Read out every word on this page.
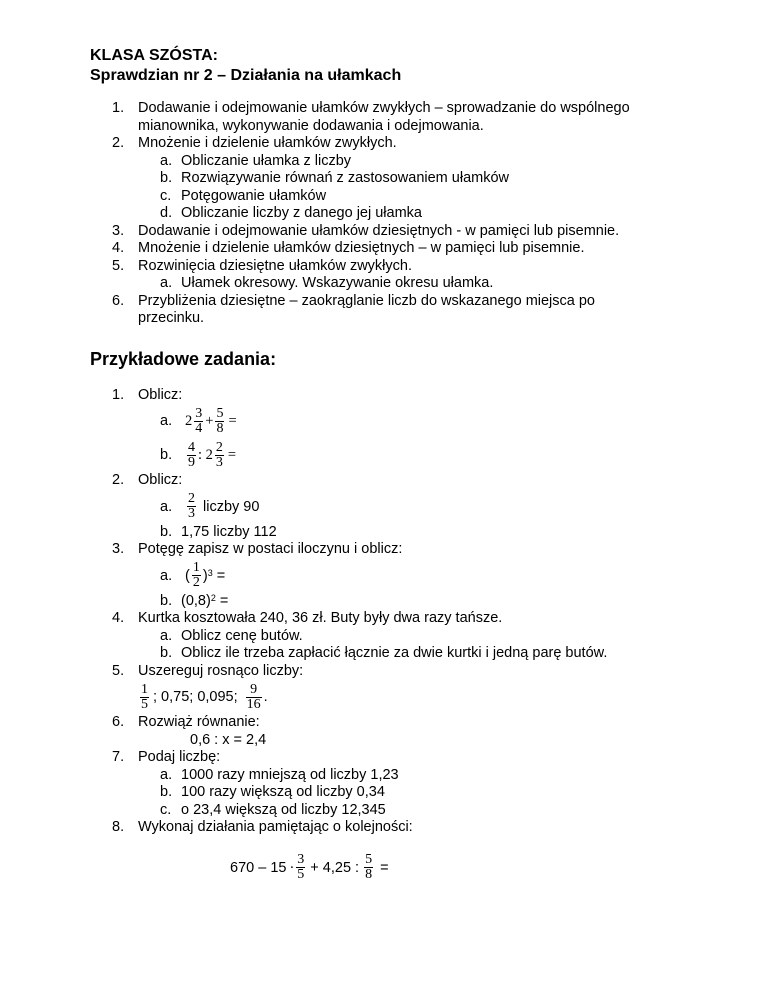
KLASA SZÓSTA:

Sprawdzian nr 2 – Działania na ułamkach

1. Dodawanie i odejmowanie ułamków zwykłych – sprowadzanie do wspólnego
mianownika, wykonywanie dodawania i odejmowania.
2. Mnożenie i dzielenie ułamków zwykłych.
a. Obliczanie ułamka z liczby
b. Rozwiązywanie równań z zastosowaniem ułamków
c. Potęgowanie ułamków
d. Obliczanie liczby z danego jej ułamka
3. Dodawanie i odejmowanie ułamków dziesiętnych - w pamięci lub pisemnie.
4. Mnożenie i dzielenie ułamków dziesiętnych – w pamięci lub pisemnie.
5. Rozwinięcia dziesiętne ułamków zwykłych.
a. Ułamek okresowy. Wskazywanie okresu ułamka.
6. Przybliżenia dziesiętne – zaokrąglanie liczb do wskazanego miejsca po
przecinku.

Przykładowe zadania:

1. Oblicz:
a. $2 \frac{3}{4} + \frac{5}{8}$ =
b. $\frac{4}{9}$ : $2 \frac{2}{3}$ =
2. Oblicz:
a. $\frac{2}{3}$ liczby 90
b. 1,75 liczby 112
3. Potęgę zapisz w postaci iloczynu i oblicz:
a. ( $\frac{1}{2} )^3$ =
b. $(0,8)^2$ =
4. Kurtka kosztowała 240, 36 zł. Buty były dwa razy tańsze.
a. Oblicz cenę butów.
b. Oblicz ile trzeba zapłacić łącznie za dwie kurtki i jedną parę butów.
5. Uszereguj rosnąco liczby:
$\frac{1}{5}$ ; 0,75; 0,095; $\frac{9}{16}$ .
6. Rozwiąż równanie:
0,6 : x = 2,4
7. Podaj liczbę:
a. 1000 razy mniejszą od liczby 1,23
b. 100 razy większą od liczby 0,34
c. o 23,4 większą od liczby 12,345
8. Wykonaj działania pamiętając o kolejności:
$670 - 15 \cdot \frac{3}{5} + 4,25$ : $\frac{5}{8}$ =
